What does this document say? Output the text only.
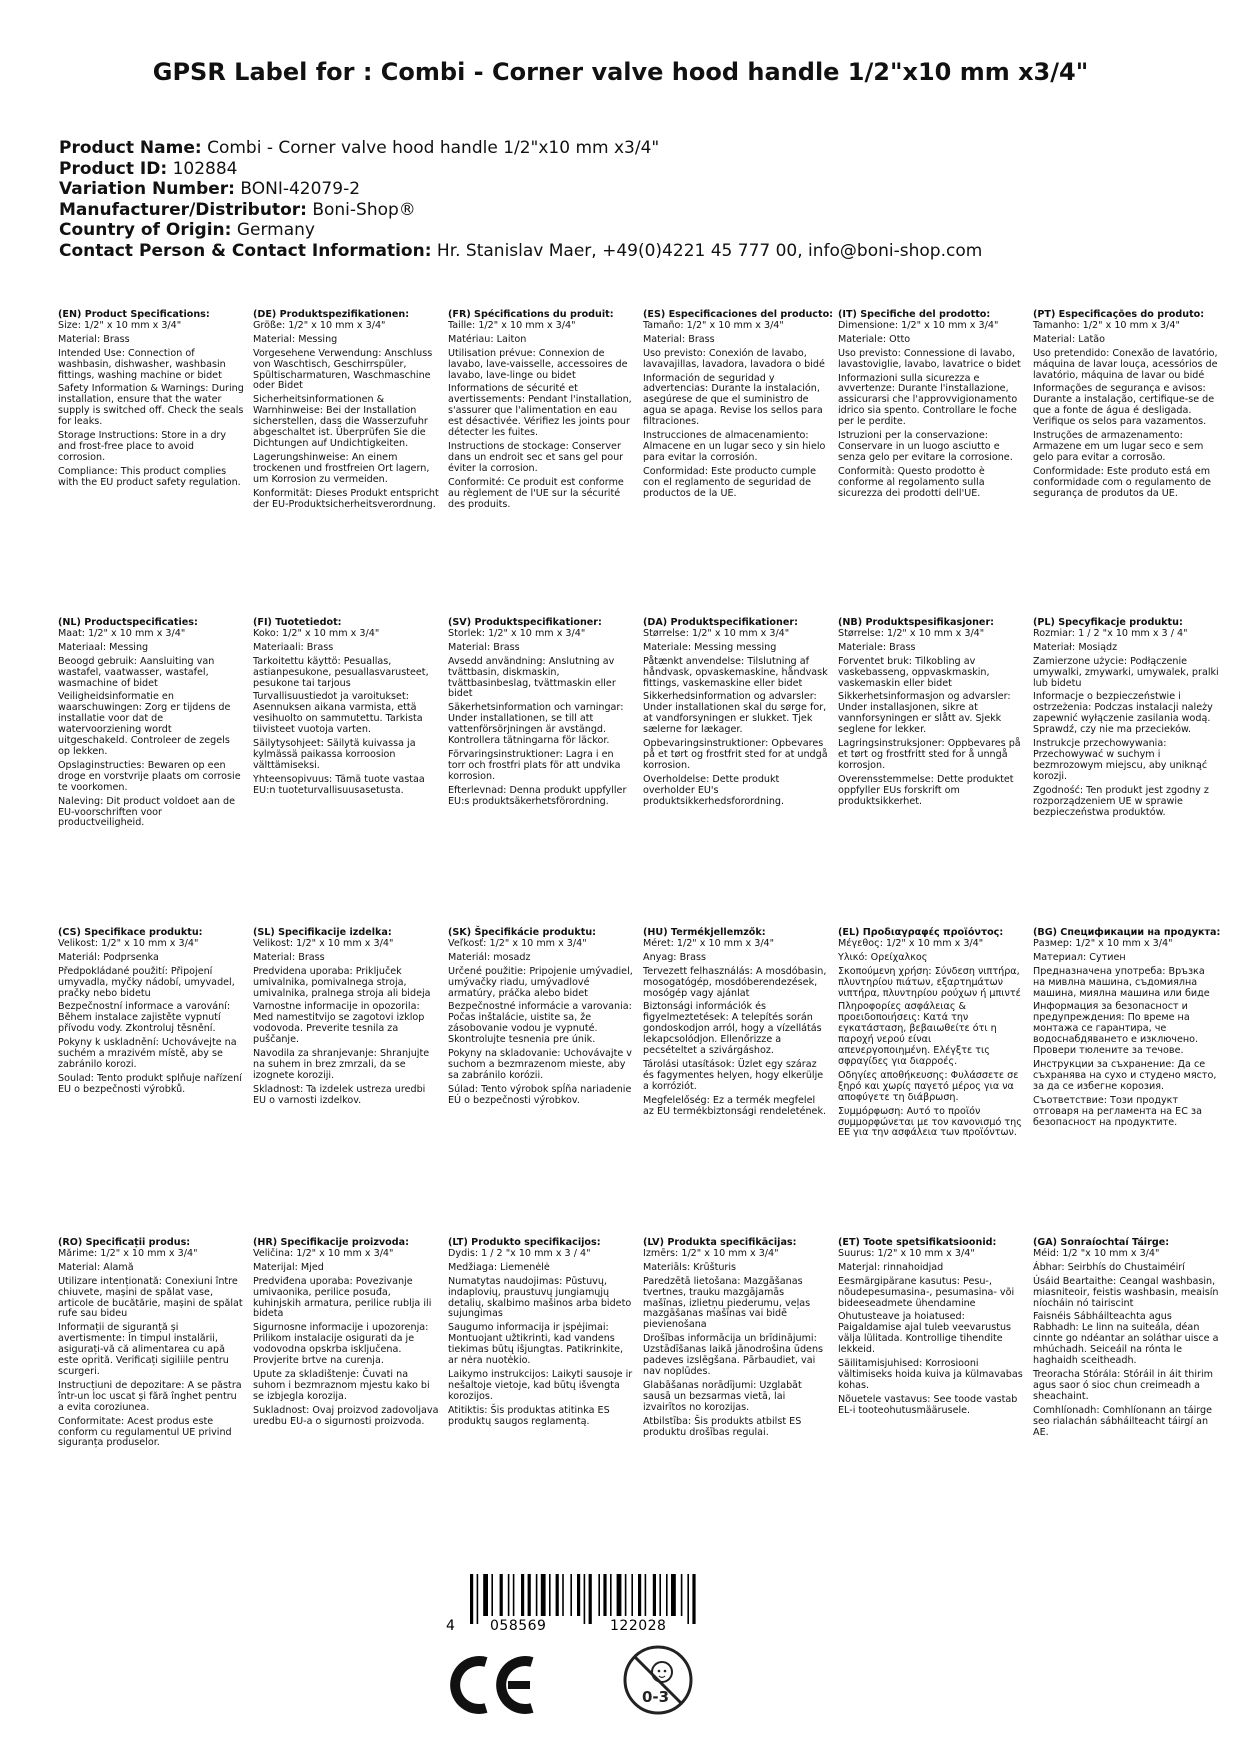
GPSR Label for : Combi - Corner valve hood handle 1/2"x10 mm x3/4"
Product Name: Combi - Corner valve hood handle 1/2"x10 mm x3/4"
Product ID: 102884
Variation Number: BONI-42079-2
Manufacturer/Distributor: Boni-Shop®
Country of Origin: Germany
Contact Person & Contact Information: Hr. Stanislav Maer, +49(0)4221 45 777 00, info@boni-shop.com
(EN) Product Specifications:

Size: 1/2" x 10 mm x 3/4"

Material: Brass

Intended Use: Connection of washbasin, dishwasher, washbasin fittings, washing machine or bidet

Safety Information & Warnings: During installation, ensure that the water supply is switched off. Check the seals for leaks.

Storage Instructions: Store in a dry and frost-free place to avoid corrosion.

Compliance: This product complies with the EU product safety regulation.

(DE) Produktspezifikationen:

Größe: 1/2" x 10 mm x 3/4"

Material: Messing

Vorgesehene Verwendung: Anschluss von Waschtisch, Geschirrspüler, Spültischarmaturen, Waschmaschine oder Bidet

Sicherheitsinformationen & Warnhinweise: Bei der Installation sicherstellen, dass die Wasserzufuhr abgeschaltet ist. Überprüfen Sie die Dichtungen auf Undichtigkeiten.

Lagerungshinweise: An einem trockenen und frostfreien Ort lagern, um Korrosion zu vermeiden.

Konformität: Dieses Produkt entspricht der EU-Produktsicherheitsverordnung.

(FR) Spécifications du produit:

Taille: 1/2" x 10 mm x 3/4"

Matériau: Laiton

Utilisation prévue: Connexion de lavabo, lave-vaisselle, accessoires de lavabo, lave-linge ou bidet

Informations de sécurité et avertissements: Pendant l'installation, s'assurer que l'alimentation en eau est désactivée. Vérifiez les joints pour détecter les fuites.

Instructions de stockage: Conserver dans un endroit sec et sans gel pour éviter la corrosion.

Conformité: Ce produit est conforme au règlement de l'UE sur la sécurité des produits.

(ES) Especificaciones del producto:

Tamaño: 1/2" x 10 mm x 3/4"

Material: Brass

Uso previsto: Conexión de lavabo, lavavajillas, lavadora, lavadora o bidé

Información de seguridad y advertencias: Durante la instalación, asegúrese de que el suministro de agua se apaga. Revise los sellos para filtraciones.

Instrucciones de almacenamiento: Almacene en un lugar seco y sin hielo para evitar la corrosión.

Conformidad: Este producto cumple con el reglamento de seguridad de productos de la UE.

(IT) Specifiche del prodotto:

Dimensione: 1/2" x 10 mm x 3/4"

Materiale: Otto

Uso previsto: Connessione di lavabo, lavastoviglie, lavabo, lavatrice o bidet

Informazioni sulla sicurezza e avvertenze: Durante l'installazione, assicurarsi che l'approvvigionamento idrico sia spento. Controllare le foche per le perdite.

Istruzioni per la conservazione: Conservare in un luogo asciutto e senza gelo per evitare la corrosione.

Conformità: Questo prodotto è conforme al regolamento sulla sicurezza dei prodotti dell'UE.

(PT) Especificações do produto:

Tamanho: 1/2" x 10 mm x 3/4"

Material: Latão

Uso pretendido: Conexão de lavatório, máquina de lavar louça, acessórios de lavatório, máquina de lavar ou bidé

Informações de segurança e avisos: Durante a instalação, certifique-se de que a fonte de água é desligada. Verifique os selos para vazamentos.

Instruções de armazenamento: Armazene em um lugar seco e sem gelo para evitar a corrosão.

Conformidade: Este produto está em conformidade com o regulamento de segurança de produtos da UE.

(NL) Productspecificaties:

Maat: 1/2" x 10 mm x 3/4"

Materiaal: Messing

Beoogd gebruik: Aansluiting van wastafel, vaatwasser, wastafel, wasmachine of bidet

Veiligheidsinformatie en waarschuwingen: Zorg er tijdens de installatie voor dat de watervoorziening wordt uitgeschakeld. Controleer de zegels op lekken.

Opslaginstructies: Bewaren op een droge en vorstvrije plaats om corrosie te voorkomen.

Naleving: Dit product voldoet aan de EU-voorschriften voor productveiligheid.

(FI) Tuotetiedot:

Koko: 1/2" x 10 mm x 3/4"

Materiaali: Brass

Tarkoitettu käyttö: Pesuallas, astianpesukone, pesuallasvarusteet, pesukone tai tarjous

Turvallisuustiedot ja varoitukset: Asennuksen aikana varmista, että vesihuolto on sammutettu. Tarkista tiivisteet vuotoja varten.

Säilytysohjeet: Säilytä kuivassa ja kylmässä paikassa korroosion välttämiseksi.

Yhteensopivuus: Tämä tuote vastaa EU:n tuoteturvallisuusasetusta.

(SV) Produktspecifikationer:

Storlek: 1/2" x 10 mm x 3/4"

Material: Brass

Avsedd användning: Anslutning av tvättbasin, diskmaskin, tvättbasinbeslag, tvättmaskin eller bidet

Säkerhetsinformation och varningar: Under installationen, se till att vattenförsörjningen är avstängd. Kontrollera tätningarna för läckor.

Förvaringsinstruktioner: Lagra i en torr och frostfri plats för att undvika korrosion.

Efterlevnad: Denna produkt uppfyller EU:s produktsäkerhetsförordning.

(DA) Produktspecifikationer:

Størrelse: 1/2" x 10 mm x 3/4"

Materiale: Messing messing

Påtænkt anvendelse: Tilslutning af håndvask, opvaskemaskine, håndvask fittings, vaskemaskine eller bidet

Sikkerhedsinformation og advarsler: Under installationen skal du sørge for, at vandforsyningen er slukket. Tjek sælerne for lækager.

Opbevaringsinstruktioner: Opbevares på et tørt og frostfrit sted for at undgå korrosion.

Overholdelse: Dette produkt overholder EU's produktsikkerhedsforordning.

(NB) Produktspesifikasjoner:

Størrelse: 1/2" x 10 mm x 3/4"

Materiale: Brass

Forventet bruk: Tilkobling av vaskebasseng, oppvaskmaskin, vaskemaskin eller bidet

Sikkerhetsinformasjon og advarsler: Under installasjonen, sikre at vannforsyningen er slått av. Sjekk seglene for lekker.

Lagringsinstruksjoner: Oppbevares på et tørt og frostfritt sted for å unngå korrosjon.

Overensstemmelse: Dette produktet oppfyller EUs forskrift om produktsikkerhet.

(PL) Specyfikacje produktu:

Rozmiar: 1 / 2 "x 10 mm x 3 / 4"

Materiał: Mosiądz

Zamierzone użycie: Podłączenie umywalki, zmywarki, umywalek, pralki lub bidetu

Informacje o bezpieczeństwie i ostrzeżenia: Podczas instalacji należy zapewnić wyłączenie zasilania wodą. Sprawdź, czy nie ma przecieków.

Instrukcje przechowywania: Przechowywać w suchym i bezmrozowym miejscu, aby uniknąć korozji.

Zgodność: Ten produkt jest zgodny z rozporządzeniem UE w sprawie bezpieczeństwa produktów.

(CS) Specifikace produktu:

Velikost: 1/2" x 10 mm x 3/4"

Materiál: Podprsenka

Předpokládané použití: Připojení umyvadla, myčky nádobí, umyvadel, pračky nebo bidetu

Bezpečnostní informace a varování: Během instalace zajistěte vypnutí přívodu vody. Zkontroluj těsnění.

Pokyny k uskladnění: Uchovávejte na suchém a mrazivém místě, aby se zabránilo korozi.

Soulad: Tento produkt splňuje nařízení EU o bezpečnosti výrobků.

(SL) Specifikacije izdelka:

Velikost: 1/2" x 10 mm x 3/4"

Material: Brass

Predvidena uporaba: Priključek umivalnika, pomivalnega stroja, umivalnika, pralnega stroja ali bideja

Varnostne informacije in opozorila: Med namestitvijo se zagotovi izklop vodovoda. Preverite tesnila za puščanje.

Navodila za shranjevanje: Shranjujte na suhem in brez zmrzali, da se izognete koroziji.

Skladnost: Ta izdelek ustreza uredbi EU o varnosti izdelkov.

(SK) Špecifikácie produktu:

Veľkosť: 1/2" x 10 mm x 3/4"

Materiál: mosadz

Určené použitie: Pripojenie umývadiel, umývačky riadu, umývadlové armatúry, práčka alebo bidet

Bezpečnostné informácie a varovania: Počas inštalácie, uistite sa, že zásobovanie vodou je vypnuté. Skontrolujte tesnenia pre únik.

Pokyny na skladovanie: Uchovávajte v suchom a bezmrazenom mieste, aby sa zabránilo korózii.

Súlad: Tento výrobok spĺňa nariadenie EÚ o bezpečnosti výrobkov.

(HU) Termékjellemzők:

Méret: 1/2" x 10 mm x 3/4"

Anyag: Brass

Tervezett felhasználás: A mosdóbasin, mosogatógép, mosdóberendezések, mosógép vagy ajánlat

Biztonsági információk és figyelmeztetések: A telepítés során gondoskodjon arról, hogy a vízellátás lekapcsolódjon. Ellenőrizze a pecsételtet a szivárgáshoz.

Tárolási utasítások: Üzlet egy száraz és fagymentes helyen, hogy elkerülje a korróziót.

Megfelelőség: Ez a termék megfelel az EU termékbiztonsági rendeletének.

(EL) Προδιαγραφές προϊόντος:

Μέγεθος: 1/2" x 10 mm x 3/4"

Υλικό: Ορείχαλκος

Σκοπούμενη χρήση: Σύνδεση νιπτήρα, πλυντηρίου πιάτων, εξαρτημάτων νιπτήρα, πλυντηρίου ρούχων ή μπιντέ

Πληροφορίες ασφάλειας & προειδοποιήσεις: Κατά την εγκατάσταση, βεβαιωθείτε ότι η παροχή νερού είναι απενεργοποιημένη. Ελέγξτε τις σφραγίδες για διαρροές.

Οδηγίες αποθήκευσης: Φυλάσσετε σε ξηρό και χωρίς παγετό μέρος για να αποφύγετε τη διάβρωση.

Συμμόρφωση: Αυτό το προϊόν συμμορφώνεται με τον κανονισμό της ΕΕ για την ασφάλεια των προϊόντων.

(BG) Спецификации на продукта:

Размер: 1/2" x 10 mm x 3/4"

Материал: Сутиен

Предназначена употреба: Връзка на мивлна машина, съдомиялна машина, миялна машина или биде

Информация за безопасност и предупреждения: По време на монтажа се гарантира, че водоснабдяването е изключено. Провери тюлените за течове.

Инструкции за съхранение: Да се съхранява на сухо и студено място, за да се избегне корозия.

Съответствие: Този продукт отговаря на регламента на ЕС за безопасност на продуктите.

(RO) Specificații produs:

Mărime: 1/2" x 10 mm x 3/4"

Material: Alamă

Utilizare intenționată: Conexiuni între chiuvete, mașini de spălat vase, articole de bucătărie, mașini de spălat rufe sau bideu

Informații de siguranță și avertismente: În timpul instalării, asigurați-vă că alimentarea cu apă este oprită. Verificați sigiliile pentru scurgeri.

Instrucțiuni de depozitare: A se păstra într-un loc uscat și fără înghet pentru a evita coroziunea.

Conformitate: Acest produs este conform cu regulamentul UE privind siguranța produselor.

(HR) Specifikacije proizvoda:

Veličina: 1/2" x 10 mm x 3/4"

Materijal: Mjed

Predviđena uporaba: Povezivanje umivaonika, perilice posuđa, kuhinjskih armatura, perilice rublja ili bideta

Sigurnosne informacije i upozorenja: Prilikom instalacije osigurati da je vodovodna opskrba isključena. Provjerite brtve na curenja.

Upute za skladištenje: Čuvati na suhom i bezmraznom mjestu kako bi se izbjegla korozija.

Sukladnost: Ovaj proizvod zadovoljava uredbu EU-a o sigurnosti proizvoda.

(LT) Produkto specifikacijos:

Dydis: 1 / 2 "x 10 mm x 3 / 4"

Medžiaga: Liemenėlė

Numatytas naudojimas: Pūstuvų, indaplovių, praustuvų jungiamųjų detalių, skalbimo mašinos arba bideto sujungimas

Saugumo informacija ir įspėjimai: Montuojant užtikrinti, kad vandens tiekimas būtų išjungtas. Patikrinkite, ar nėra nuotėkio.

Laikymo instrukcijos: Laikyti sausoje ir nešaltoje vietoje, kad būtų išvengta korozijos.

Atitiktis: Šis produktas atitinka ES produktų saugos reglamentą.

(LV) Produkta specifikācijas:

Izmērs: 1/2" x 10 mm x 3/4"

Materiāls: Krūšturis

Paredzētā lietošana: Mazgāšanas tvertnes, trauku mazgājamās mašīnas, izlietņu piederumu, veļas mazgāšanas mašīnas vai bidē pievienošana

Drošības informācija un brīdinājumi: Uzstādīšanas laikā jānodrošina ūdens padeves izslēgšana. Pārbaudiet, vai nav noplūdes.

Glabāšanas norādījumi: Uzglabāt sausā un bezsarmas vietā, lai izvairītos no korozijas.

Atbilstība: Šis produkts atbilst ES produktu drošības regulai.

(ET) Toote spetsifikatsioonid:

Suurus: 1/2" x 10 mm x 3/4"

Materjal: rinnahoidjad

Eesmärgipärane kasutus: Pesu-, nõudepesumasina-, pesumasina- või bideeseadmete ühendamine

Ohutusteave ja hoiatused: Paigaldamise ajal tuleb veevarustus välja lülitada. Kontrollige tihendite lekkeid.

Säilitamisjuhised: Korrosiooni vältimiseks hoida kuiva ja külmavabas kohas.

Nõuetele vastavus: See toode vastab EL-i tooteohutusmäärusele.

(GA) Sonraíochtaí Táirge:

Méid: 1/2 "x 10 mm x 3/4"

Ábhar: Seirbhís do Chustaiméirí

Úsáid Beartaithe: Ceangal washbasin, miasniteoir, feistis washbasin, meaisín níocháin nó tairiscint

Faisnéis Sábháilteachta agus Rabhadh: Le linn na suiteála, déan cinnte go ndéantar an soláthar uisce a mhúchadh. Seiceáil na rónta le haghaidh sceitheadh.

Treoracha Stórála: Stóráil in áit thirim agus saor ó sioc chun creimeadh a sheachaint.

Comhlíonadh: Comhlíonann an táirge seo rialachán sábháilteacht táirgí an AE.

4	058569	122028
0-3
